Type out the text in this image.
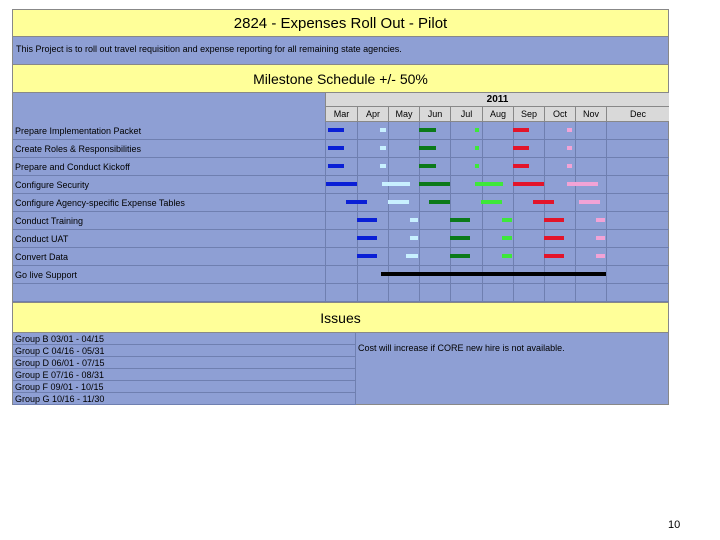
2824 - Expenses Roll Out - Pilot
This Project is to roll out travel requisition and expense reporting for all remaining state agencies.
Milestone Schedule +/- 50%
2011
Mar	Apr	May	Jun	Jul	Aug	Sep	Oct	Nov	Dec
Prepare Implementation Packet
Create Roles & Responsibilities
Prepare and Conduct Kickoff
Configure Security
Configure Agency-specific Expense Tables
Conduct Training
Conduct UAT
Convert Data
Go live Support
Issues
Group B 03/01 - 04/15
Group C 04/16 - 05/31
Group D 06/01 - 07/15
Group E 07/16 - 08/31
Group F 09/01 - 10/15
Group G 10/16 - 11/30
Cost will increase if CORE new hire is not available.
10
